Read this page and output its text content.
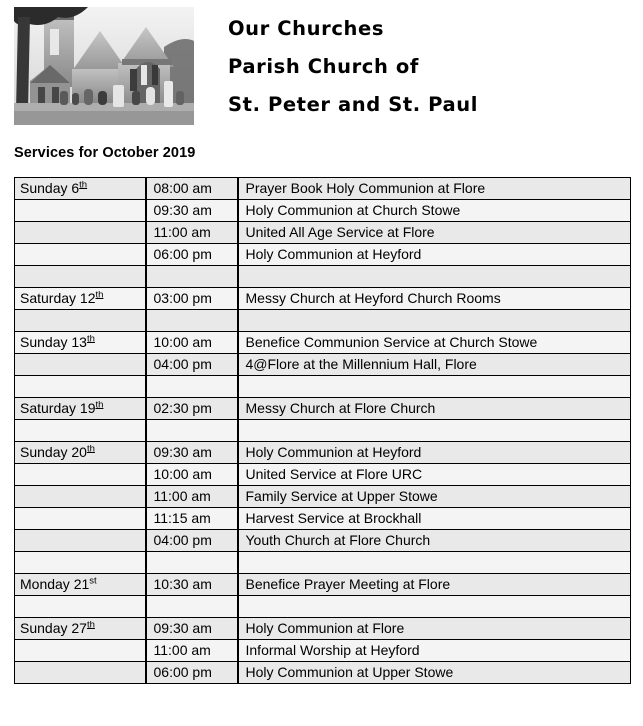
Our Churches
Parish Church of
St. Peter and St. Paul
Services for October 2019
Sunday 6th	08:00 am	Prayer Book Holy Communion at Flore
	09:30 am	Holy Communion at Church Stowe
	11:00 am	United All Age Service at Flore
	06:00 pm	Holy Communion at Heyford

Saturday 12th	03:00 pm	Messy Church at Heyford Church Rooms

Sunday 13th	10:00 am	Benefice Communion Service at Church Stowe
	04:00 pm	4@Flore at the Millennium Hall, Flore

Saturday 19th	02:30 pm	Messy Church at Flore Church

Sunday 20th	09:30 am	Holy Communion at Heyford
	10:00 am	United Service at Flore URC
	11:00 am	Family Service at Upper Stowe
	11:15 am	Harvest Service at Brockhall
	04:00 pm	Youth Church at Flore Church

Monday 21st	10:30 am	Benefice Prayer Meeting at Flore

Sunday 27th	09:30 am	Holy Communion at Flore
	11:00 am	Informal Worship at Heyford
	06:00 pm	Holy Communion at Upper Stowe
